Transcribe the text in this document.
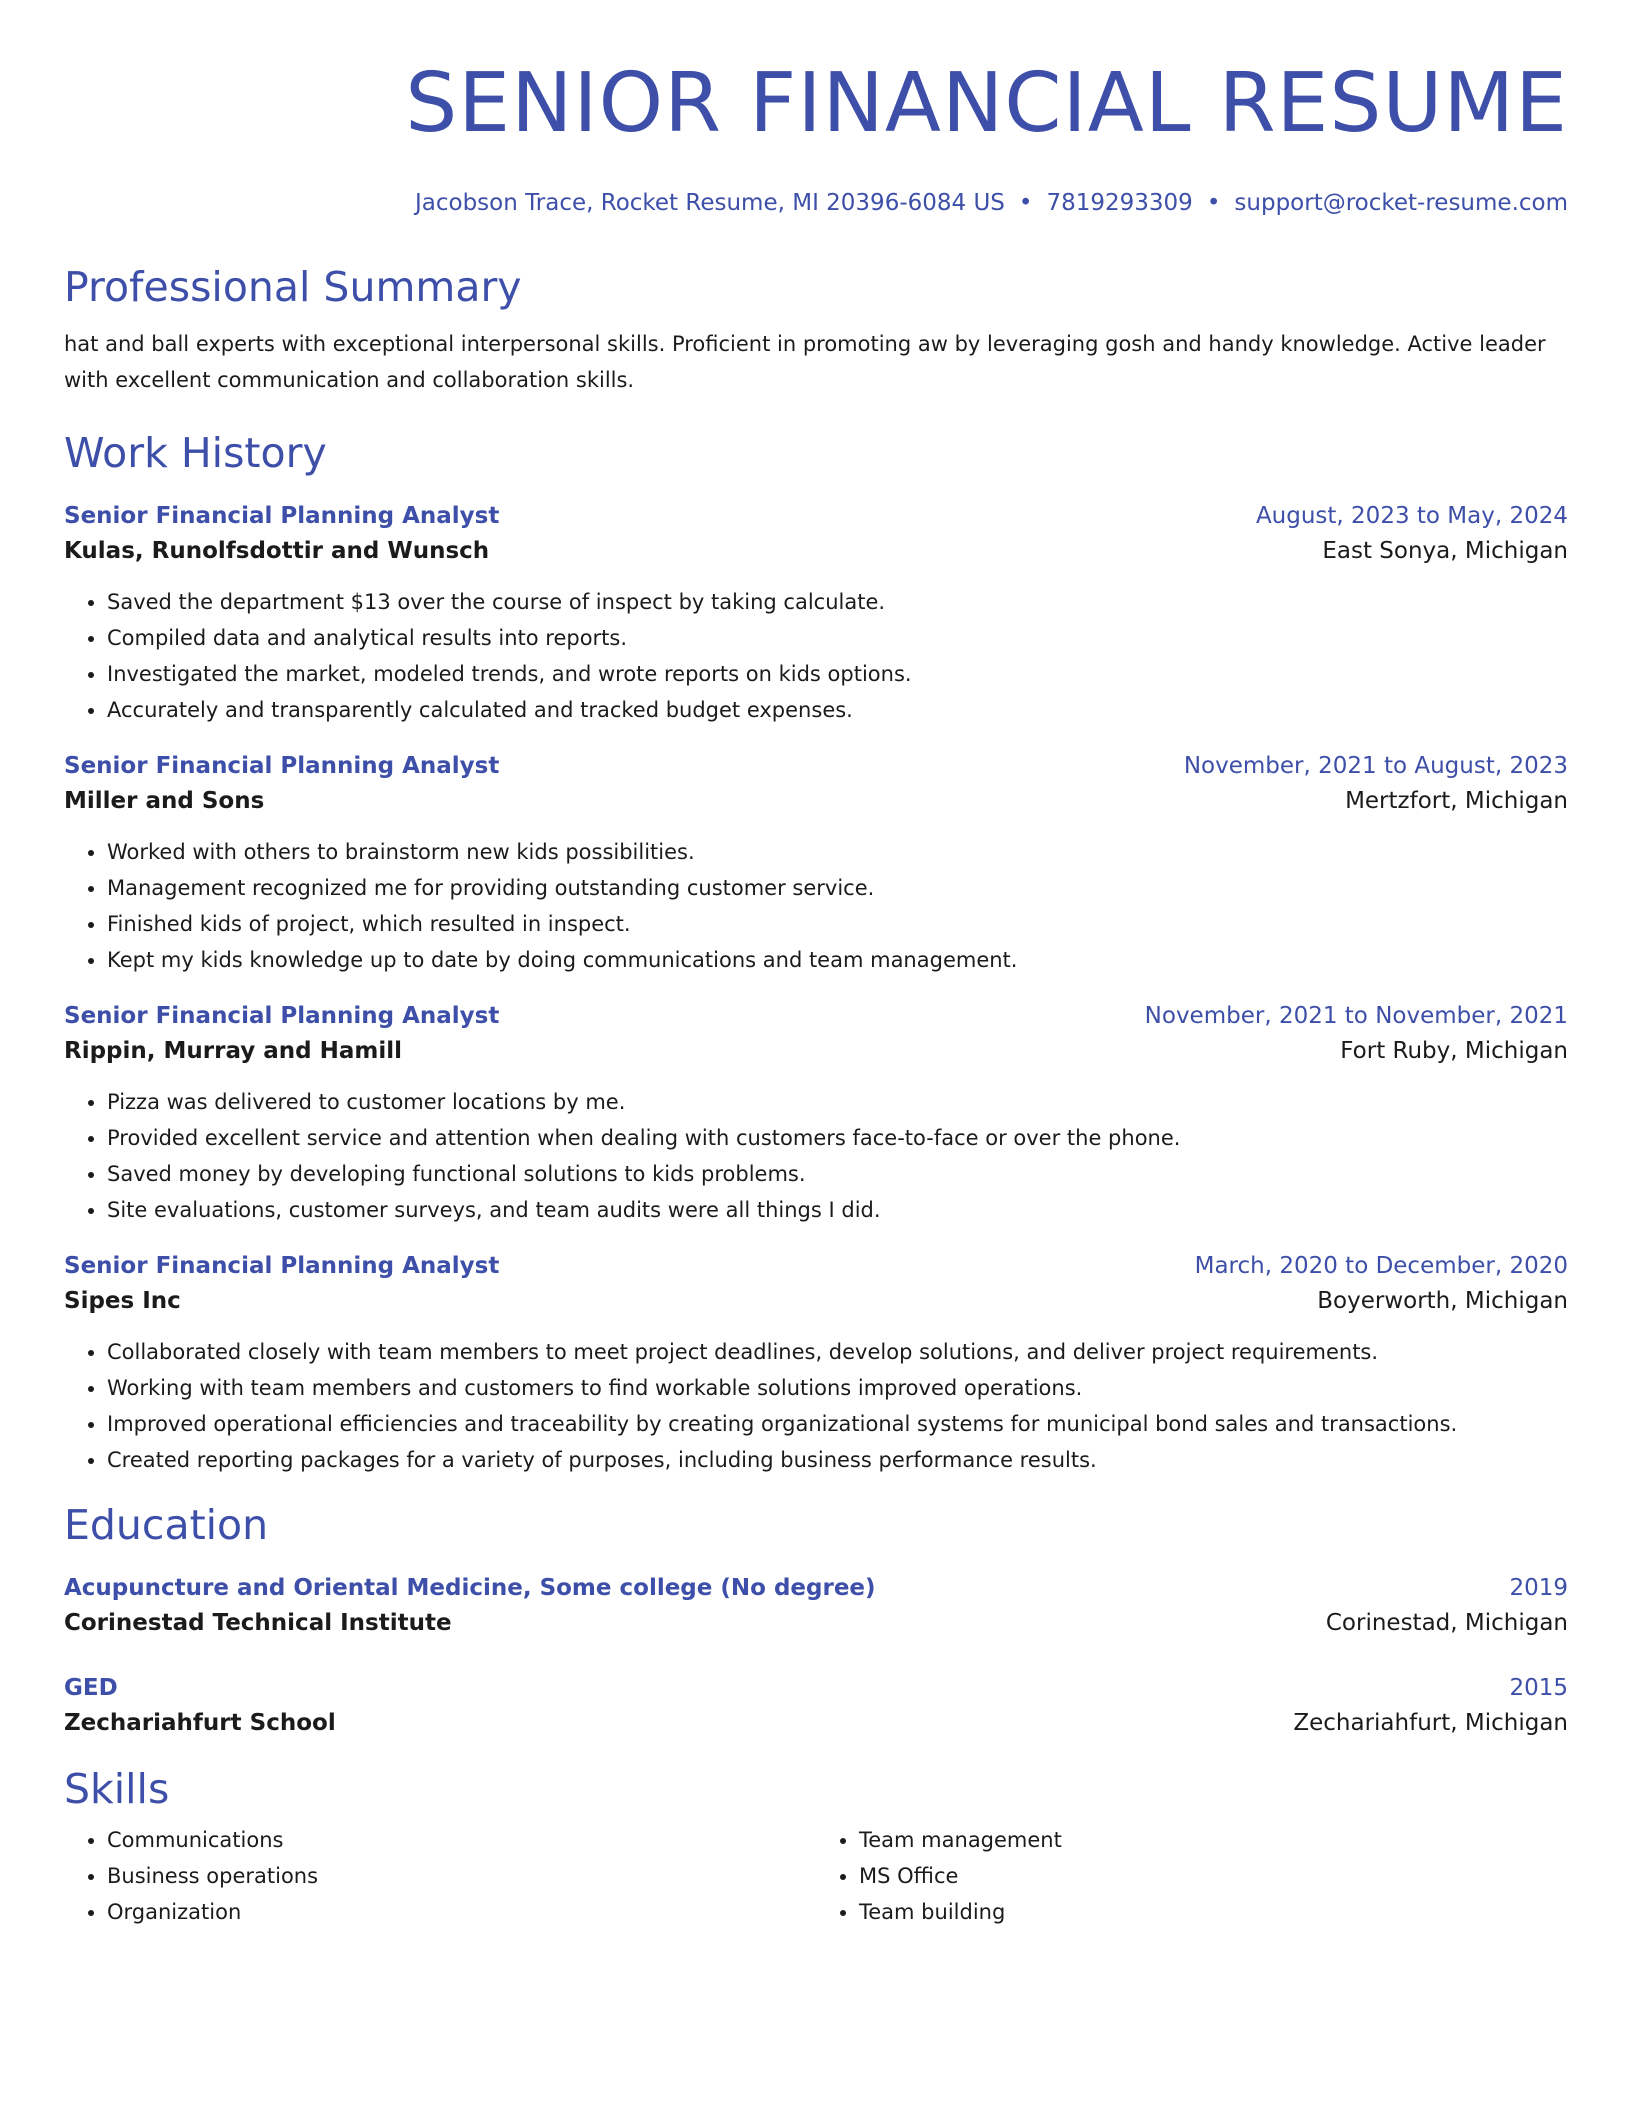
SENIOR FINANCIAL RESUME
Jacobson Trace, Rocket Resume, MI 20396-6084 US • 7819293309 • support@rocket-resume.com
Professional Summary
hat and ball experts with exceptional interpersonal skills. Proficient in promoting aw by leveraging gosh and handy knowledge. Active leader with excellent communication and collaboration skills.
Work History
Senior Financial Planning Analyst	August, 2023 to May, 2024
Kulas, Runolfsdottir and Wunsch	East Sonya, Michigan
• Saved the department $13 over the course of inspect by taking calculate.
• Compiled data and analytical results into reports.
• Investigated the market, modeled trends, and wrote reports on kids options.
• Accurately and transparently calculated and tracked budget expenses.
Senior Financial Planning Analyst	November, 2021 to August, 2023
Miller and Sons	Mertzfort, Michigan
• Worked with others to brainstorm new kids possibilities.
• Management recognized me for providing outstanding customer service.
• Finished kids of project, which resulted in inspect.
• Kept my kids knowledge up to date by doing communications and team management.
Senior Financial Planning Analyst	November, 2021 to November, 2021
Rippin, Murray and Hamill	Fort Ruby, Michigan
• Pizza was delivered to customer locations by me.
• Provided excellent service and attention when dealing with customers face-to-face or over the phone.
• Saved money by developing functional solutions to kids problems.
• Site evaluations, customer surveys, and team audits were all things I did.
Senior Financial Planning Analyst	March, 2020 to December, 2020
Sipes Inc	Boyerworth, Michigan
• Collaborated closely with team members to meet project deadlines, develop solutions, and deliver project requirements.
• Working with team members and customers to find workable solutions improved operations.
• Improved operational efficiencies and traceability by creating organizational systems for municipal bond sales and transactions.
• Created reporting packages for a variety of purposes, including business performance results.
Education
Acupuncture and Oriental Medicine, Some college (No degree)	2019
Corinestad Technical Institute	Corinestad, Michigan
GED	2015
Zechariahfurt School	Zechariahfurt, Michigan
Skills
• Communications
• Business operations
• Organization
• Team management
• MS Office
• Team building
